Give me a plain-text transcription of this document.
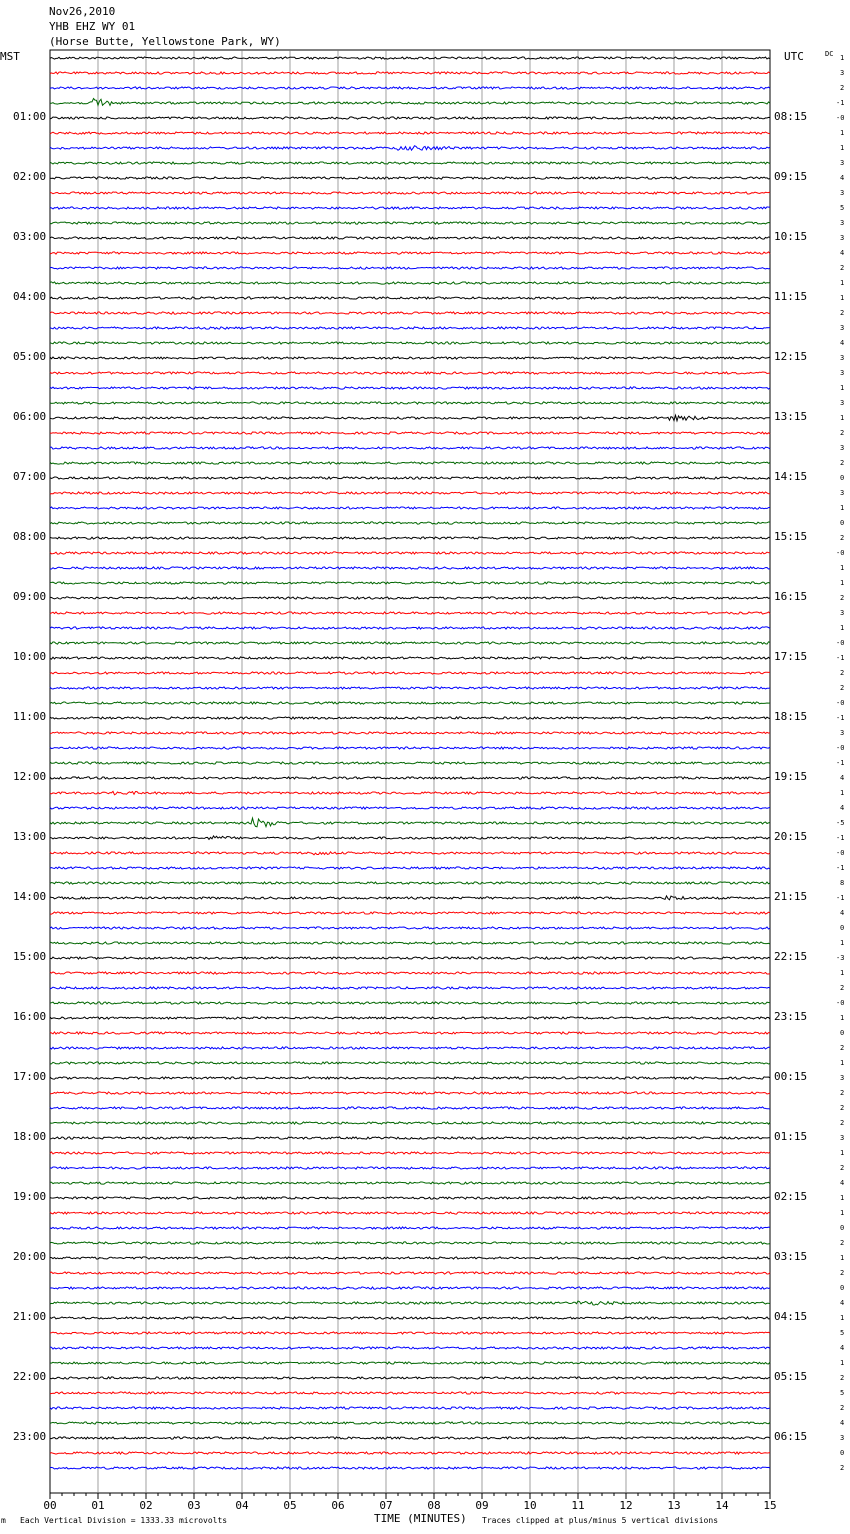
Nov26,2010
YHB EHZ WY 01
(Horse Butte, Yellowstone Park, WY)
MST	UTC	DC
00	01	02	03	04	05	06	07	08	09	10	11	12	13	14	15
01:00
02:00
03:00
04:00
05:00
06:00
07:00
08:00
09:00
10:00
11:00
12:00
13:00
14:00
15:00
16:00
17:00
18:00
19:00
20:00
21:00
22:00
23:00
08:15
09:15
10:15
11:15
12:15
13:15
14:15
15:15
16:15
17:15
18:15
19:15
20:15
21:15
22:15
23:15
00:15
01:15
02:15
03:15
04:15
05:15
06:15
1
3
2
-1
-0
1
1
3
4
3
5
3
3
4
2
1
1
2
3
4
3
3
1
3
1
2
3
2
0
3
1
0
2
-0
1
1
2
3
1
-0
-1
2
2
-0
-1
3
-0
-1
4
1
4
-5
-1
-0
-1
8
-1
4
0
1
-3
1
2
-0
1
0
2
1
3
2
2
2
3
1
2
4
1
1
0
2
1
2
0
4
1
5
4
1
2
5
2
4
3
0
2
m Each Vertical Division = 1333.33 microvolts	TIME (MINUTES) Traces clipped at plus/minus 5 vertical divisions
